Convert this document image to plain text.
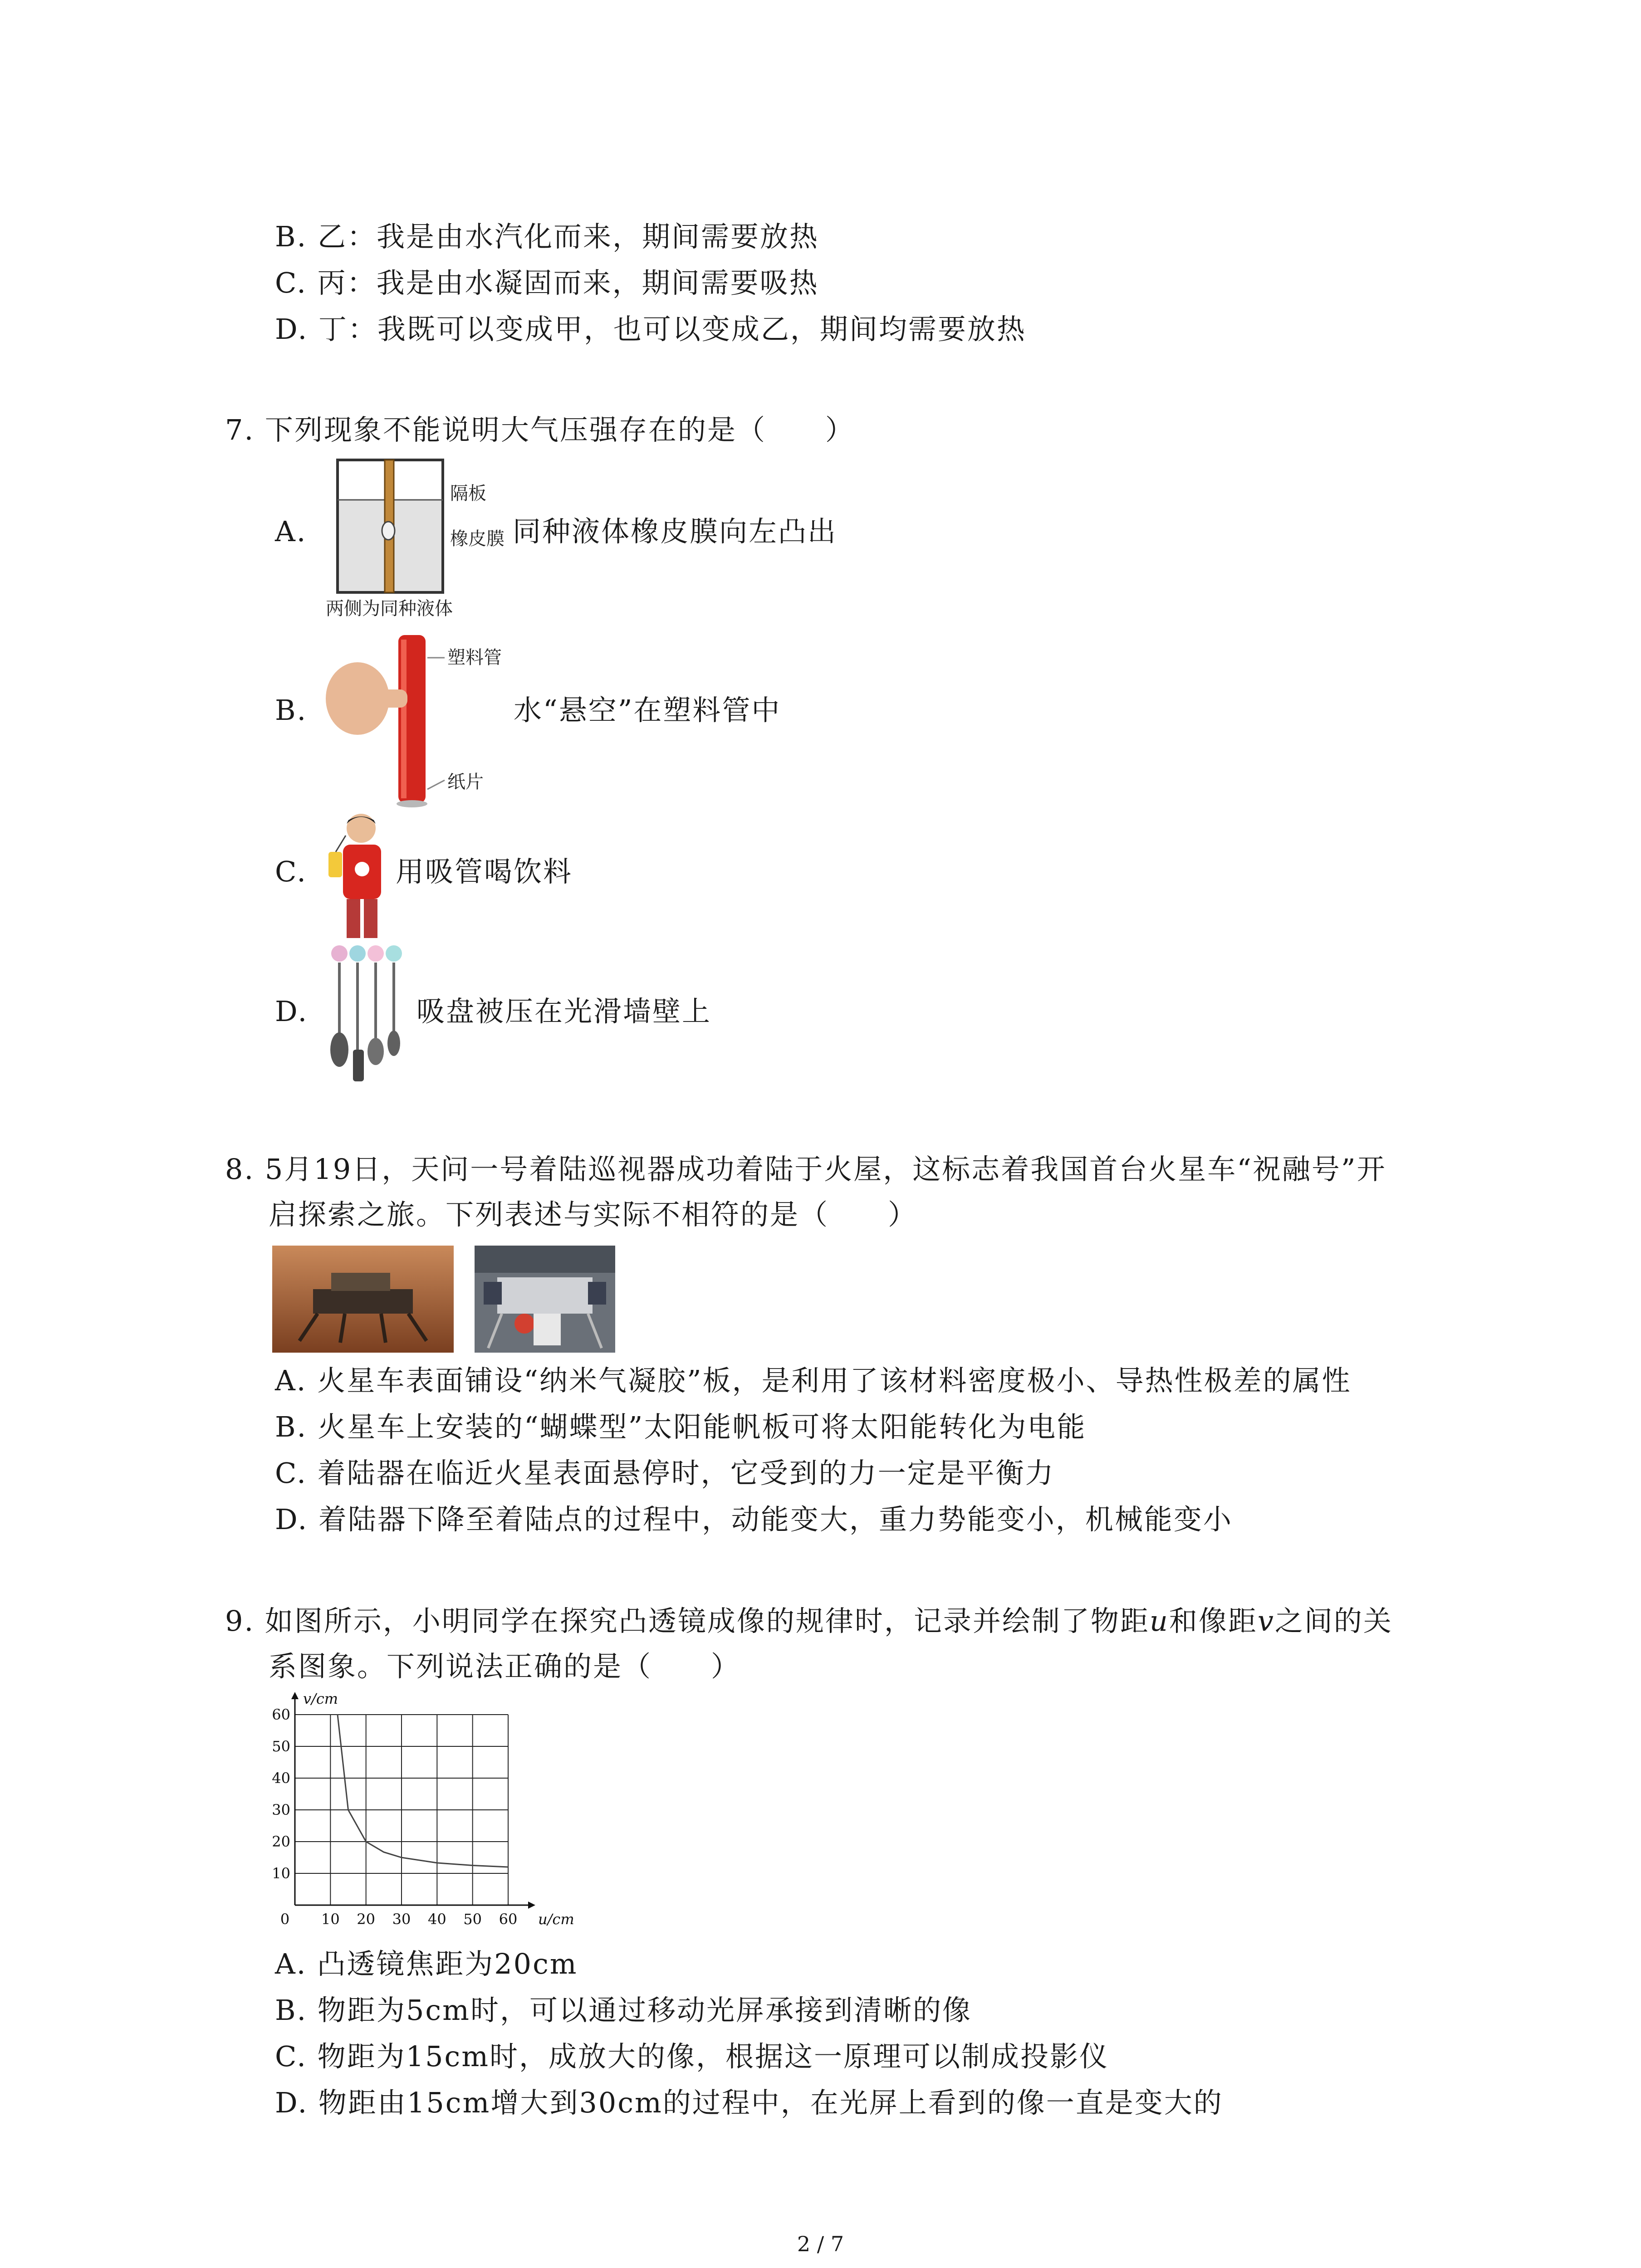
B. 乙：我是由水汽化而来，期间需要放热
C. 丙：我是由水凝固而来，期间需要吸热
D. 丁：我既可以变成甲，也可以变成乙，期间均需要放热
7. 下列现象不能说明大气压强存在的是（　　）
A.
隔板
橡皮膜
两侧为同种液体
同种液体橡皮膜向左凸出
B.
塑料管
纸片
水“悬空”在塑料管中
C.	用吸管喝饮料
D.	吸盘被压在光滑墙壁上
8. 5月19日，天问一号着陆巡视器成功着陆于火屋，这标志着我国首台火星车“祝融号”开
启探索之旅。下列表述与实际不相符的是（　　）
A. 火星车表面铺设“纳米气凝胶”板，是利用了该材料密度极小、导热性极差的属性
B. 火星车上安装的“蝴蝶型”太阳能帆板可将太阳能转化为电能
C. 着陆器在临近火星表面悬停时，它受到的力一定是平衡力
D. 着陆器下降至着陆点的过程中，动能变大，重力势能变小，机械能变小
9. 如图所示，小明同学在探究凸透镜成像的规律时，记录并绘制了物距u和像距v之间的关
系图象。下列说法正确的是（　　）
0 10 20 30 40 50 60
10
20
30
40
50
60
u/cm
v/cm
A. 凸透镜焦距为20cm
B. 物距为5cm时，可以通过移动光屏承接到清晰的像
C. 物距为15cm时，成放大的像，根据这一原理可以制成投影仪
D. 物距由15cm增大到30cm的过程中，在光屏上看到的像一直是变大的
2 / 7
